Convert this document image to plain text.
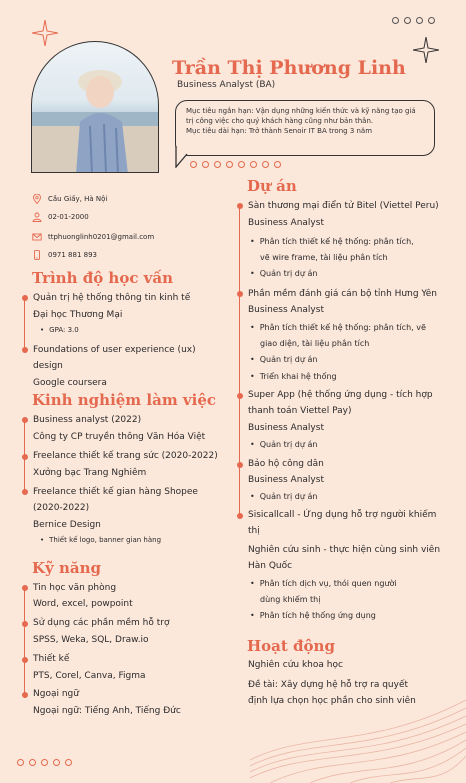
Trần Thị Phương Linh
Business Analyst (BA)
Mục tiêu ngắn hạn: Vận dụng những kiến thức và kỹ năng tạo giá trị công việc cho quý khách hàng cũng như bản thân.
Mục tiêu dài hạn: Trở thành Senoir IT BA trong 3 năm
Cầu Giấy, Hà Nội
02-01-2000
ttphuonglinh0201@gmail.com
0971 881 893
Trình độ học vấn
Quản trị hệ thống thông tin kinh tế
Đại học Thương Mại
• GPA: 3.0
Foundations of user experience (ux)
design
Google coursera
Kinh nghiệm làm việc
Business analyst (2022)
Công ty CP truyền thông Văn Hóa Việt
Freelance thiết kế trang sức (2020-2022)
Xưởng bạc Trang Nghiêm
Freelance thiết kế gian hàng Shopee
(2020-2022)
Bernice Design
• Thiết kế logo, banner gian hàng
Kỹ năng
Tin học văn phòng
Word, excel, powpoint
Sử dụng các phần mềm hỗ trợ
SPSS, Weka, SQL, Draw.io
Thiết kế
PTS, Corel, Canva, Figma
Ngoại ngữ
Ngoại ngữ: Tiếng Anh, Tiếng Đức
Dự án
Sàn thương mại điển tử Bitel (Viettel Peru)
Business Analyst
• Phân tích thiết kế hệ thống: phân tích,
vẽ wire frame, tài liệu phân tích
• Quản trị dự án
Phần mềm đánh giá cán bộ tỉnh Hưng Yên
Business Analyst
• Phân tích thiết kế hệ thống: phân tích, vẽ
giao diện, tài liệu phân tích
• Quản trị dự án
• Triển khai hệ thống
Super App (hệ thống ứng dụng - tích hợp
thanh toán Viettel Pay)
Business Analyst
• Quản trị dự án
Bảo hộ công dân
Business Analyst
• Quản trị dự án
Sisicallcall - Ứng dụng hỗ trợ người khiếm
thị
Nghiên cứu sinh - thực hiện cùng sinh viên
Hàn Quốc
• Phân tích dịch vụ, thói quen người
dùng khiếm thị
• Phân tích hệ thống ứng dụng
Hoạt động
Nghiên cứu khoa học
Đề tài: Xây dựng hệ hỗ trợ ra quyết
định lựa chọn học phần cho sinh viên
